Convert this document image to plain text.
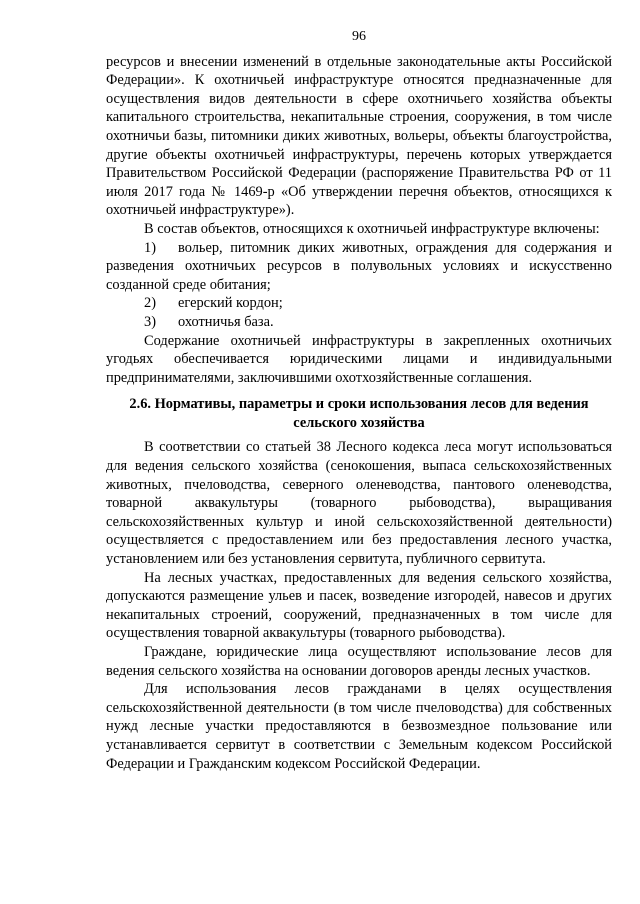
96

ресурсов и внесении изменений в отдельные законодательные акты Российской Федерации». К охотничьей инфраструктуре относятся предназначенные для осуществления видов деятельности в сфере охотничьего хозяйства объекты капитального строительства, некапитальные строения, сооружения, в том числе охотничьи базы, питомники диких животных, вольеры, объекты благоустройства, другие объекты охотничьей инфраструктуры, перечень которых утверждается Правительством Российской Федерации (распоряжение Правительства РФ от 11 июля 2017 года № 1469-р «Об утверждении перечня объектов, относящихся к охотничьей инфраструктуре»).

В состав объектов, относящихся к охотничьей инфраструктуре включены:

1) вольер, питомник диких животных, ограждения для содержания и разведения охотничьих ресурсов в полувольных условиях и искусственно созданной среде обитания;
2) егерский кордон;
3) охотничья база.

Содержание охотничьей инфраструктуры в закрепленных охотничьих угодьях обеспечивается юридическими лицами и индивидуальными предпринимателями, заключившими охотхозяйственные соглашения.

2.6. Нормативы, параметры и сроки использования лесов для ведения сельского хозяйства

В соответствии со статьей 38 Лесного кодекса леса могут использоваться для ведения сельского хозяйства (сенокошения, выпаса сельскохозяйственных животных, пчеловодства, северного оленеводства, пантового оленеводства, товарной аквакультуры (товарного рыбоводства), выращивания сельскохозяйственных культур и иной сельскохозяйственной деятельности) осуществляется с предоставлением или без предоставления лесного участка, установлением или без установления сервитута, публичного сервитута.

На лесных участках, предоставленных для ведения сельского хозяйства, допускаются размещение ульев и пасек, возведение изгородей, навесов и других некапитальных строений, сооружений, предназначенных в том числе для осуществления товарной аквакультуры (товарного рыбоводства).

Граждане, юридические лица осуществляют использование лесов для ведения сельского хозяйства на основании договоров аренды лесных участков.

Для использования лесов гражданами в целях осуществления сельскохозяйственной деятельности (в том числе пчеловодства) для собственных нужд лесные участки предоставляются в безвозмездное пользование или устанавливается сервитут в соответствии с Земельным кодексом Российской Федерации и Гражданским кодексом Российской Федерации.
